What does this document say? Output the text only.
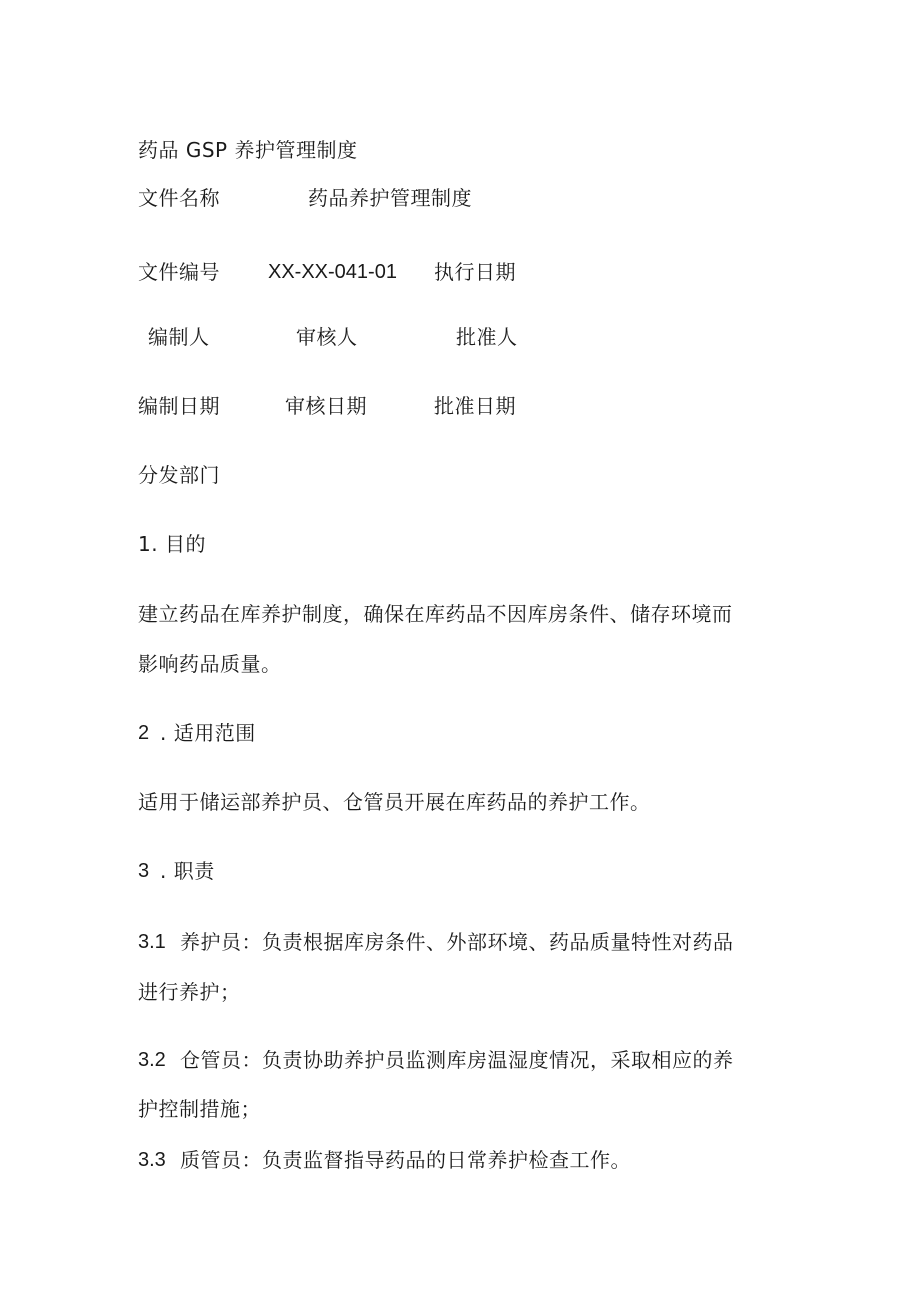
药品 GSP 养护管理制度
文件名称	药品养护管理制度
文件编号 XX-XX-041-01 执行日期
编制人	审核人	批准人
编制日期	审核日期	批准日期
分发部门
1. 目的
建立药品在库养护制度，确保在库药品不因库房条件、储存环境而
影响药品质量。
2 . 适用范围
适用于储运部养护员、仓管员开展在库药品的养护工作。
3 . 职责
3.1 养护员：负责根据库房条件、外部环境、药品质量特性对药品
进行养护；
3.2 仓管员：负责协助养护员监测库房温湿度情况，采取相应的养
护控制措施；
3.3 质管员：负责监督指导药品的日常养护检查工作。
